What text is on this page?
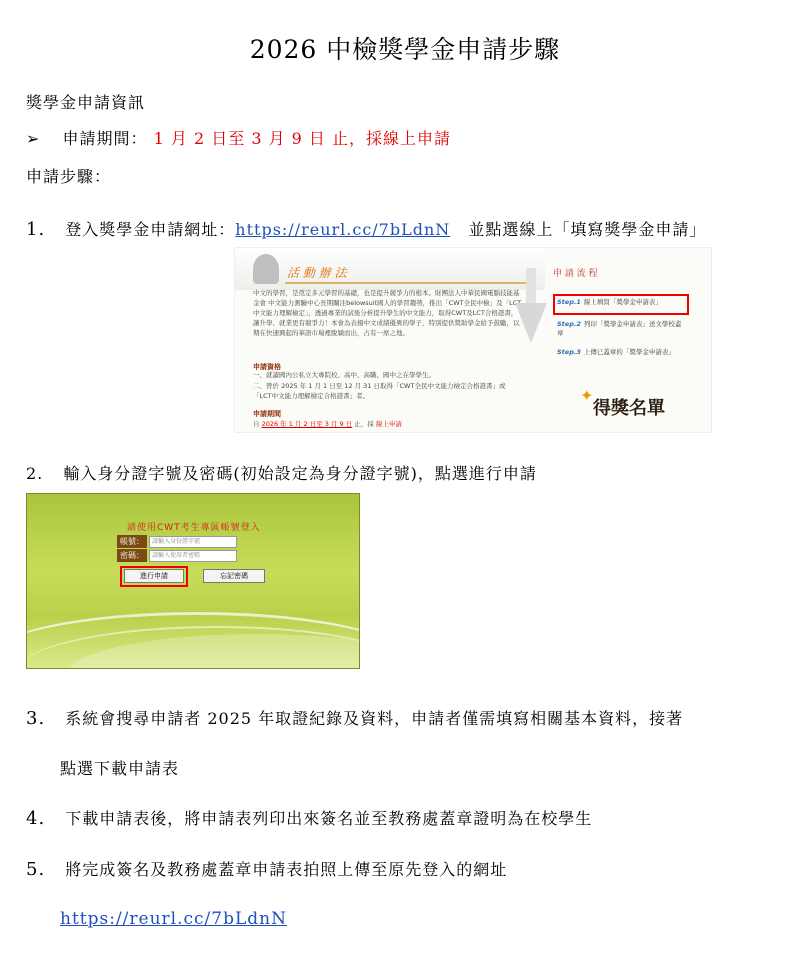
2026 中檢獎學金申請步驟
獎學金申請資訊
➢ 申請期間： 1 月 2 日至 3 月 9 日 止，採線上申請
申請步驟：
1. 登入獎學金申請網址：https://reurl.cc/7bLdnN 並點選線上「填寫獎學金申請」
活 動 辦 法
中文的學習，是奠定多元學習的基礎，也是提升競爭力的根本。財團法人中華民國電腦技能基金會 中文能力測驗中心長期關注belowsuit國人的學習趨勢，推出「CWT全民中檢」及「LCT中文能力理解檢定」，透過專業的試後分析提升學生的中文能力，取得CWT及LCT合格證書，讓升學、就業更有競爭力！本會為表揚中文成績優異的學子，特別提供獎助學金給予鼓勵，以期在快速興起的華語市場裡脫穎而出，占有一席之地。
申請資格
一、就讀國內公私立大專院校、高中、高職、國中之在學學生。
二、曾於 2025 年 1 月 1 日至 12 月 31 日取得「CWT全民中文能力檢定合格證書」或「LCT中文能力理解檢定合格證書」者。
申請期間
自 2026 年 1 月 2 日至 3 月 9 日 止，採 線上申請
申 請 流 程
Step.1 線上填寫「獎學金申請表」
Step.2 列印「獎學金申請表」送文學校蓋章
Step.3 上傳已蓋章的「獎學金申請表」
✦
得獎名單
2. 輸入身分證字號及密碼(初始設定為身分證字號)，點選進行申請
請使用CWT考生專區帳號登入
帳號：	請輸入身份證字號
密碼：	請輸入使用者密碼
進行申請	忘記密碼
3. 系統會搜尋申請者 2025 年取證紀錄及資料，申請者僅需填寫相關基本資料，接著
點選下載申請表
4. 下載申請表後，將申請表列印出來簽名並至教務處蓋章證明為在校學生
5. 將完成簽名及教務處蓋章申請表拍照上傳至原先登入的網址
https://reurl.cc/7bLdnN
